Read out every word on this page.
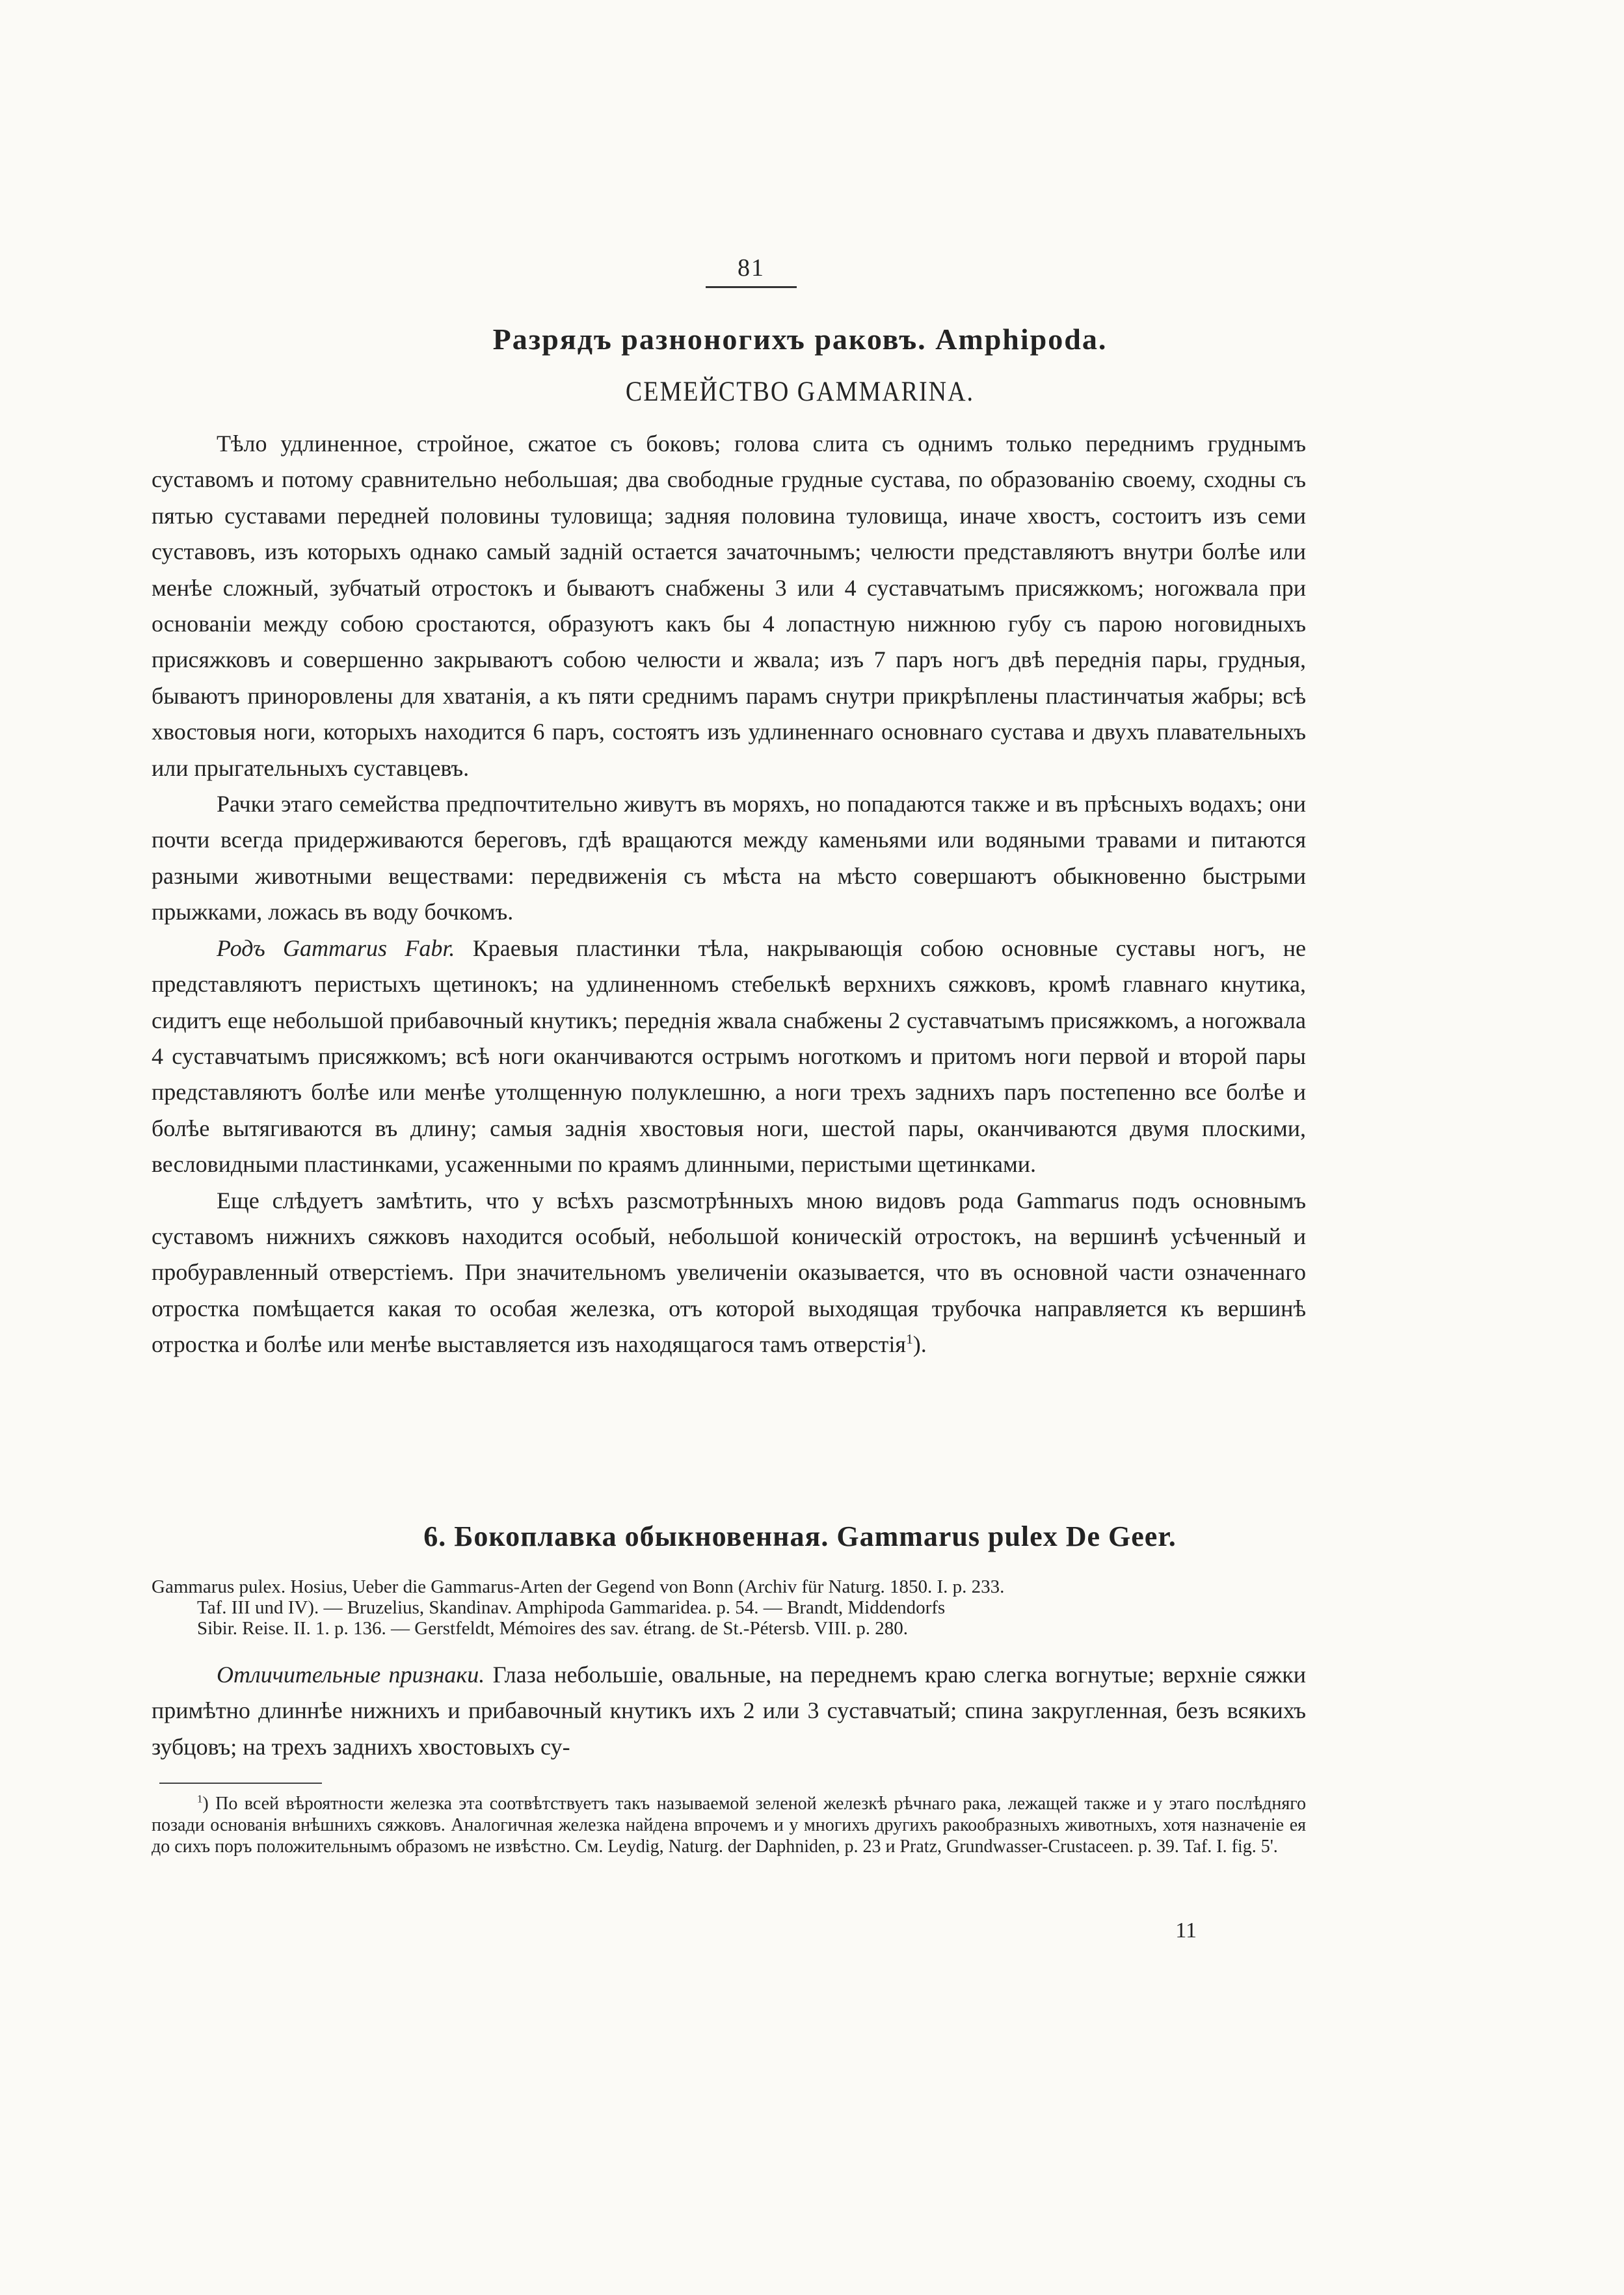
81
Разрядъ разноногихъ раковъ. Amphipoda.
СЕМЕЙСТВО GAMMARINA.

Тѣло удлиненное, стройное, сжатое съ боковъ; голова слита съ однимъ только переднимъ груднымъ суставомъ и потому сравнительно небольшая; два свободные грудные сустава, по образованію своему, сходны съ пятью суставами передней половины туловища; задняя половина туловища, иначе хвостъ, состоитъ изъ семи суставовъ, изъ которыхъ однако самый задній остается зачаточнымъ; челюсти представляютъ внутри болѣе или менѣе сложный, зубчатый отростокъ и бываютъ снабжены 3 или 4 суставчатымъ присяжкомъ; ногожвала при основаніи между собою сростаются, образуютъ какъ бы 4 лопастную нижнюю губу съ парою ноговидныхъ присяжковъ и совершенно закрываютъ собою челюсти и жвала; изъ 7 паръ ногъ двѣ переднія пары, грудныя, бываютъ приноровлены для хватанія, а къ пяти среднимъ парамъ снутри прикрѣплены пластинчатыя жабры; всѣ хвостовыя ноги, которыхъ находится 6 паръ, состоятъ изъ удлиненнаго основнаго сустава и двухъ плавательныхъ или прыгательныхъ суставцевъ.

Рачки этаго семейства предпочтительно живутъ въ моряхъ, но попадаются также и въ прѣсныхъ водахъ; они почти всегда придерживаются береговъ, гдѣ вращаются между каменьями или водяными травами и питаются разными животными веществами: передвиженія съ мѣста на мѣсто совершаютъ обыкновенно быстрыми прыжками, ложась въ воду бочкомъ.

Родъ Gammarus Fabr. Краевыя пластинки тѣла, накрывающія собою основные суставы ногъ, не представляютъ перистыхъ щетинокъ; на удлиненномъ стебелькѣ верхнихъ сяжковъ, кромѣ главнаго кнутика, сидитъ еще небольшой прибавочный кнутикъ; переднія жвала снабжены 2 суставчатымъ присяжкомъ, а ногожвала 4 суставчатымъ присяжкомъ; всѣ ноги оканчиваются острымъ ноготкомъ и притомъ ноги первой и второй пары представляютъ болѣе или менѣе утолщенную полуклешню, а ноги трехъ заднихъ паръ постепенно все болѣе и болѣе вытягиваются въ длину; самыя заднія хвостовыя ноги, шестой пары, оканчиваются двумя плоскими, весловидными пластинками, усаженными по краямъ длинными, перистыми щетинками.

Еще слѣдуетъ замѣтить, что у всѣхъ разсмотрѣнныхъ мною видовъ рода Gammarus подъ основнымъ суставомъ нижнихъ сяжковъ находится особый, небольшой коническій отростокъ, на вершинѣ усѣченный и пробуравленный отверстіемъ. При значительномъ увеличеніи оказывается, что въ основной части означеннаго отростка помѣщается какая то особая железка, отъ которой выходящая трубочка направляется къ вершинѣ отростка и болѣе или менѣе выставляется изъ находящагося тамъ отверстія$^1$).

6. Бокоплавка обыкновенная. Gammarus pulex De Geer.
Gammarus pulex. Hosius, Ueber die Gammarus-Arten der Gegend von Bonn (Archiv für Naturg. 1850. I. p. 233.
Taf. III und IV). — Bruzelius, Skandinav. Amphipoda Gammaridea. p. 54. — Brandt, Middendorfs
Sibir. Reise. II. 1. p. 136. — Gerstfeldt, Mémoires des sav. étrang. de St.-Pétersb. VIII. p. 280.

Отличительные признаки. Глаза небольшіе, овальные, на переднемъ краю слегка вогнутые; верхніе сяжки примѣтно длиннѣе нижнихъ и прибавочный кнутикъ ихъ 2 или 3 суставчатый; спина закругленная, безъ всякихъ зубцовъ; на трехъ заднихъ хвостовыхъ су-

$^1$) По всей вѣроятности железка эта соотвѣтствуетъ такъ называемой зеленой железкѣ рѣчнаго рака, лежащей также и у этаго послѣдняго позади основанія внѣшнихъ сяжковъ. Аналогичная железка найдена впрочемъ и у многихъ другихъ ракообразныхъ животныхъ, хотя назначеніе ея до сихъ поръ положительнымъ образомъ не извѣстно. См. Leydig, Naturg. der Daphniden, p. 23 и Pratz, Grundwasser-Crustaceen. p. 39. Taf. I. fig. 5'.

11
